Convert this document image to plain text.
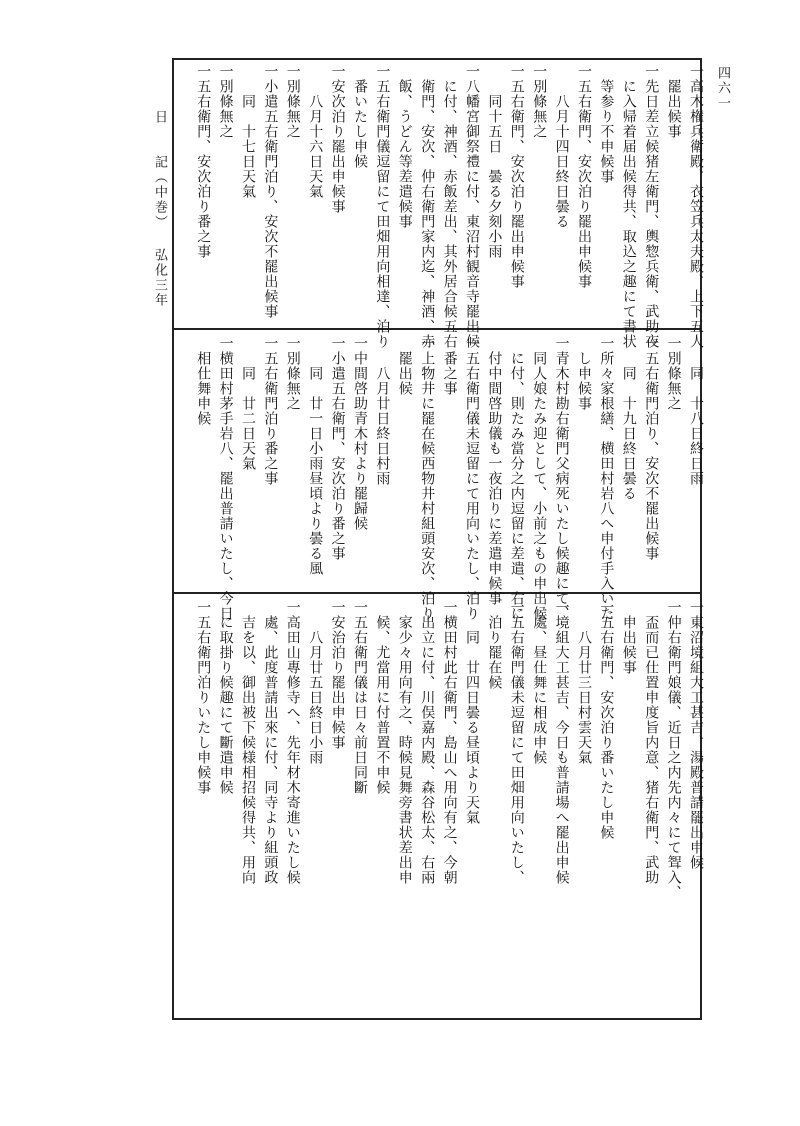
四六一
日　　記（中巻）
弘化三年	一高木権兵衛殿、衣笠兵太夫殿、上下五人
　罷出候事
一先日差立候猪左衛門、輿惣兵衛、武助夜
　に入帰着届出候得共、取込之趣にて書状
　等参り不申候事
一五右衛門、安次泊り罷出申候事
　　八月十四日終日曇る
一別條無之
一五右衛門、安次泊り罷出申候事
　　同十五日　曇る夕刻小雨
一八幡宮御祭禮に付、東沼村観音寺罷出候
　に付、神酒、赤飯差出、其外居合候五右
　衛門、安次、仲右衛門家内迄、神酒、赤
　飯、うどん等差遣候事
一五右衛門儀逗留にて田畑用向相達、泊り
　番いたし申候
一安次泊り罷出申候事
　　八月十六日天氣
一別條無之
一小遣五右衛門泊り、安次不罷出候事
　　同　十七日天氣
一別條無之
一五右衛門、安次泊り番之事
　　同　十八日終日雨
一別條無之
一五右衛門泊り、安次不罷出候事
　　同　十九日終日曇る
一所々家根繕、横田村岩八へ申付手入いた
　し申候事
一青木村勘右衛門父病死いたし候趣にて、
　同人娘たみ迎として、小前之もの申出候
　に付、則たみ當分之内逗留に差遣、右に
　付中間啓助儀も一夜泊りに差遣申候事
一五右衛門儀未逗留にて用向いたし、泊り
　番之事
一上物井に罷在候西物井村組頭安次、泊り
　罷出候
　　八月廿日終日村雨
一中間啓助青木村より罷歸候
一小遣五右衛門、安次泊り番之事
　　同　廿一日小雨昼頃より曇る風
一別條無之
一五右衛門泊り番之事
　　同　廿二日天氣
一横田村茅手岩八、罷出普請いたし、今日
　相仕舞申候
一東沼境組大工甚吉、湯殿普請罷出申候
一仲右衛門娘儀、近日之内先内々にて聟入、
　盃而已仕置申度旨内意、猪右衛門、武助
　申出候事
一五右衛門、安次泊り番いたし申候
　　八月廿三日村雲天氣
一境組大工甚吉、今日も普請場へ罷出申候
　處、昼仕舞に相成申候
一五右衛門儀未逗留にて田畑用向いたし、
　泊り罷在候
　　同　廿四日曇る昼頃より天氣
一横田村此右衛門、島山へ用向有之、今朝
　出立に付、川俣嘉内殿、森谷松太、右兩
　家少々用向有之、時候見舞旁書状差出申
　候、尤當用に付普置不申候
一五右衛門儀は日々前日同斷
一安治泊り罷出申候事
　　八月廿五日終日小雨
一高田山專修寺へ、先年材木寄進いたし候
　處、此度普請出來に付、同寺より組頭政
　吉を以、御出被下候様相招候得共、用向
　に取掛り候趣にて斷遣申候
一五右衛門泊りいたし申候事
